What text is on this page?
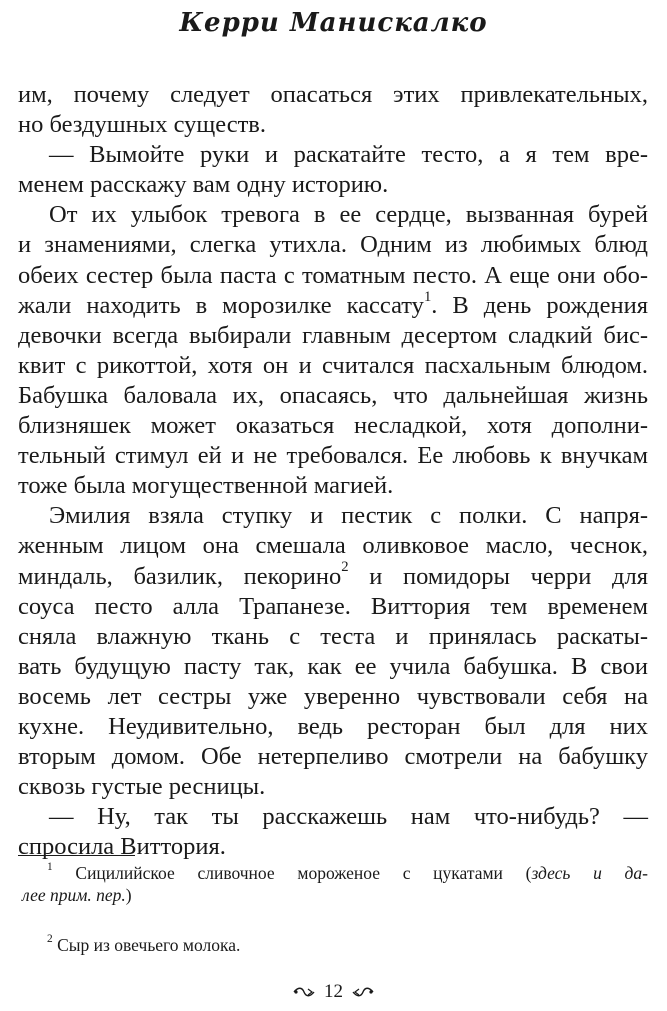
Керри Манискалко
им, почему следует опасаться этих привлекательных,
но бездушных существ.
— Вымойте руки и раскатайте тесто, а я тем вре-
менем расскажу вам одну историю.
От их улыбок тревога в ее сердце, вызванная бурей
и знамениями, слегка утихла. Одним из любимых блюд
обеих сестер была паста с томатным песто. А еще они обо-
жали находить в морозилке кассату$^1$. В день рождения
девочки всегда выбирали главным десертом сладкий бис-
квит с рикоттой, хотя он и считался пасхальным блюдом.
Бабушка баловала их, опасаясь, что дальнейшая жизнь
близняшек может оказаться несладкой, хотя дополни-
тельный стимул ей и не требовался. Ее любовь к внучкам
тоже была могущественной магией.
Эмилия взяла ступку и пестик с полки. С напря-
женным лицом она смешала оливковое масло, чеснок,
миндаль, базилик, пекорино$^2$ и помидоры черри для
соуса песто алла Трапанезе. Виттория тем временем
сняла влажную ткань с теста и принялась раскаты-
вать будущую пасту так, как ее учила бабушка. В свои
восемь лет сестры уже уверенно чувствовали себя на
кухне. Неудивительно, ведь ресторан был для них
вторым домом. Обе нетерпеливо смотрели на бабушку
сквозь густые ресницы.
— Ну, так ты расскажешь нам что-нибудь? —
спросила Виттория.
$^1$ Сицилийское сливочное мороженое с цукатами (здесь и да-
лее прим. пер.)
$^2$ Сыр из овечьего молока.
12
